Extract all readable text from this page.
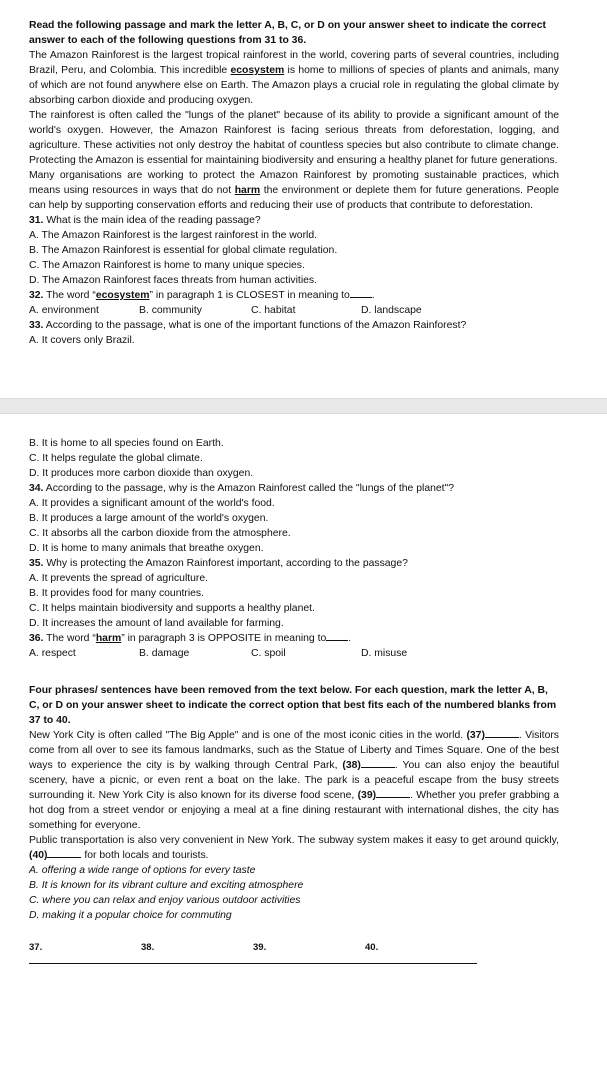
Read the following passage and mark the letter A, B, C, or D on your answer sheet to indicate the correct answer to each of the following questions from 31 to 36.

The Amazon Rainforest is the largest tropical rainforest in the world, covering parts of several countries, including Brazil, Peru, and Colombia. This incredible ecosystem is home to millions of species of plants and animals, many of which are not found anywhere else on Earth. The Amazon plays a crucial role in regulating the global climate by absorbing carbon dioxide and producing oxygen.

The rainforest is often called the "lungs of the planet" because of its ability to provide a significant amount of the world's oxygen. However, the Amazon Rainforest is facing serious threats from deforestation, logging, and agriculture. These activities not only destroy the habitat of countless species but also contribute to climate change. Protecting the Amazon is essential for maintaining biodiversity and ensuring a healthy planet for future generations.

Many organisations are working to protect the Amazon Rainforest by promoting sustainable practices, which means using resources in ways that do not harm the environment or deplete them for future generations. People can help by supporting conservation efforts and reducing their use of products that contribute to deforestation.

31. What is the main idea of the reading passage?

A. The Amazon Rainforest is the largest rainforest in the world.

B. The Amazon Rainforest is essential for global climate regulation.

C. The Amazon Rainforest is home to many unique species.

D. The Amazon Rainforest faces threats from human activities.

32. The word “ecosystem” in paragraph 1 is CLOSEST in meaning to .

A. environment	B. community	C. habitat	D. landscape

33. According to the passage, what is one of the important functions of the Amazon Rainforest?

A. It covers only Brazil.

B. It is home to all species found on Earth.

C. It helps regulate the global climate.

D. It produces more carbon dioxide than oxygen.

34. According to the passage, why is the Amazon Rainforest called the "lungs of the planet"?

A. It provides a significant amount of the world's food.

B. It produces a large amount of the world's oxygen.

C. It absorbs all the carbon dioxide from the atmosphere.

D. It is home to many animals that breathe oxygen.

35. Why is protecting the Amazon Rainforest important, according to the passage?

A. It prevents the spread of agriculture.

B. It provides food for many countries.

C. It helps maintain biodiversity and supports a healthy planet.

D. It increases the amount of land available for farming.

36. The word “harm” in paragraph 3 is OPPOSITE in meaning to .

A. respect	B. damage	C. spoil	D. misuse

Four phrases/ sentences have been removed from the text below. For each question, mark the letter A, B, C, or D on your answer sheet to indicate the correct option that best fits each of the numbered blanks from 37 to 40.

New York City is often called "The Big Apple" and is one of the most iconic cities in the world. (37)	. Visitors come from all over to see its famous landmarks, such as the Statue of Liberty and Times Square. One of the best ways to experience the city is by walking through Central Park, (38)	. You can also enjoy the beautiful scenery, have a picnic, or even rent a boat on the lake. The park is a peaceful escape from the busy streets surrounding it. New York City is also known for its diverse food scene, (39)	. Whether you prefer grabbing a hot dog from a street vendor or enjoying a meal at a fine dining restaurant with international dishes, the city has something for everyone.

Public transportation is also very convenient in New York. The subway system makes it easy to get around quickly, (40)	for both locals and tourists.

A. offering a wide range of options for every taste

B. It is known for its vibrant culture and exciting atmosphere

C. where you can relax and enjoy various outdoor activities

D. making it a popular choice for commuting

37.	38.	39.	40.
